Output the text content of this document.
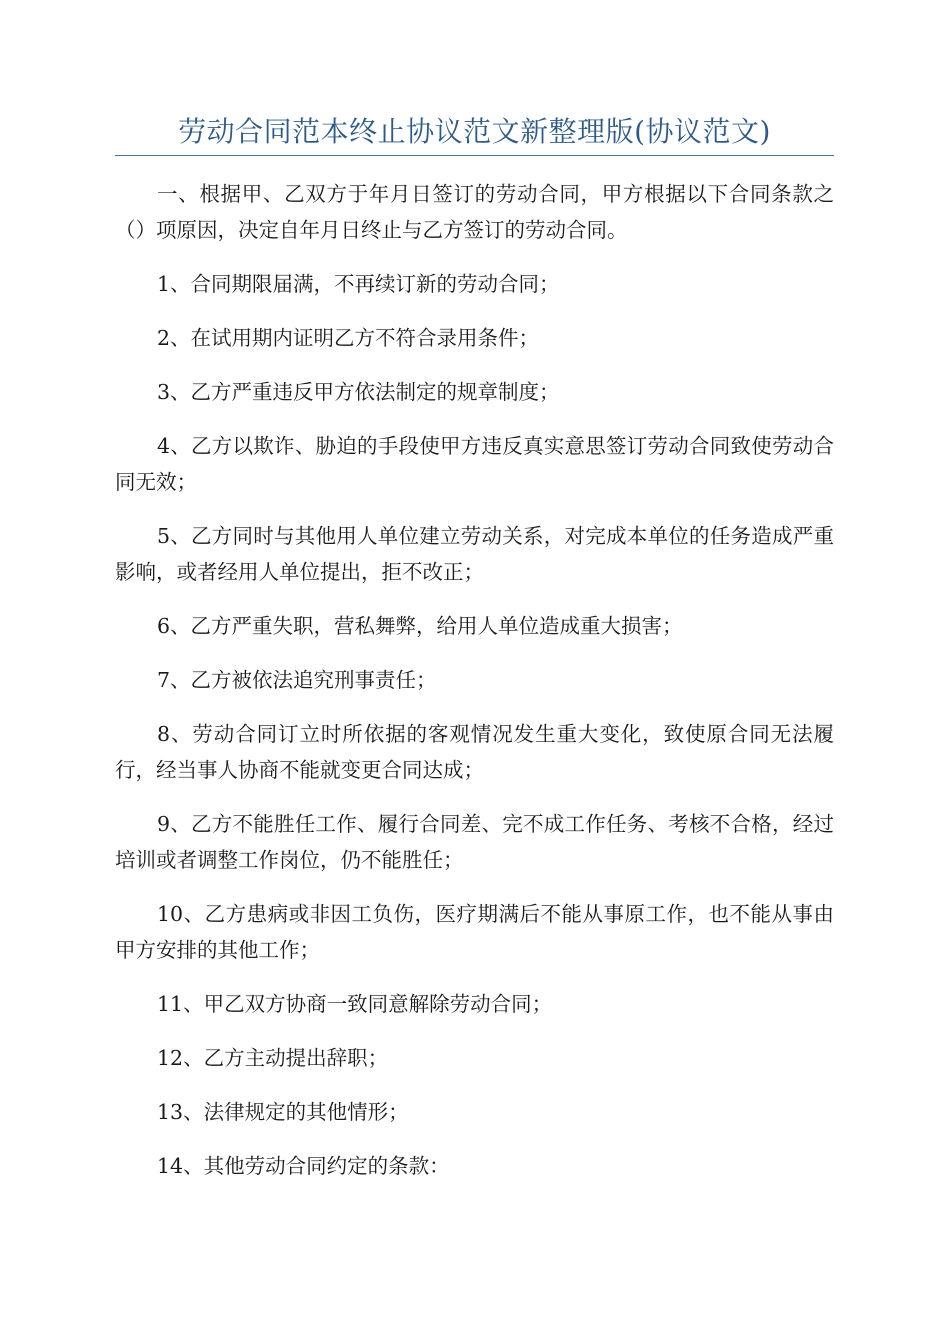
劳动合同范本终止协议范文新整理版(协议范文)

一、根据甲、乙双方于年月日签订的劳动合同，甲方根据以下合同条款之（）项原因，决定自年月日终止与乙方签订的劳动合同。

1、合同期限届满，不再续订新的劳动合同；

2、在试用期内证明乙方不符合录用条件；

3、乙方严重违反甲方依法制定的规章制度；

4、乙方以欺诈、胁迫的手段使甲方违反真实意思签订劳动合同致使劳动合同无效；

5、乙方同时与其他用人单位建立劳动关系，对完成本单位的任务造成严重影响，或者经用人单位提出，拒不改正；

6、乙方严重失职，营私舞弊，给用人单位造成重大损害；

7、乙方被依法追究刑事责任；

8、劳动合同订立时所依据的客观情况发生重大变化，致使原合同无法履行，经当事人协商不能就变更合同达成；

9、乙方不能胜任工作、履行合同差、完不成工作任务、考核不合格，经过培训或者调整工作岗位，仍不能胜任；

10、乙方患病或非因工负伤，医疗期满后不能从事原工作，也不能从事由甲方安排的其他工作；

11、甲乙双方协商一致同意解除劳动合同；

12、乙方主动提出辞职；

13、法律规定的其他情形；

14、其他劳动合同约定的条款：
